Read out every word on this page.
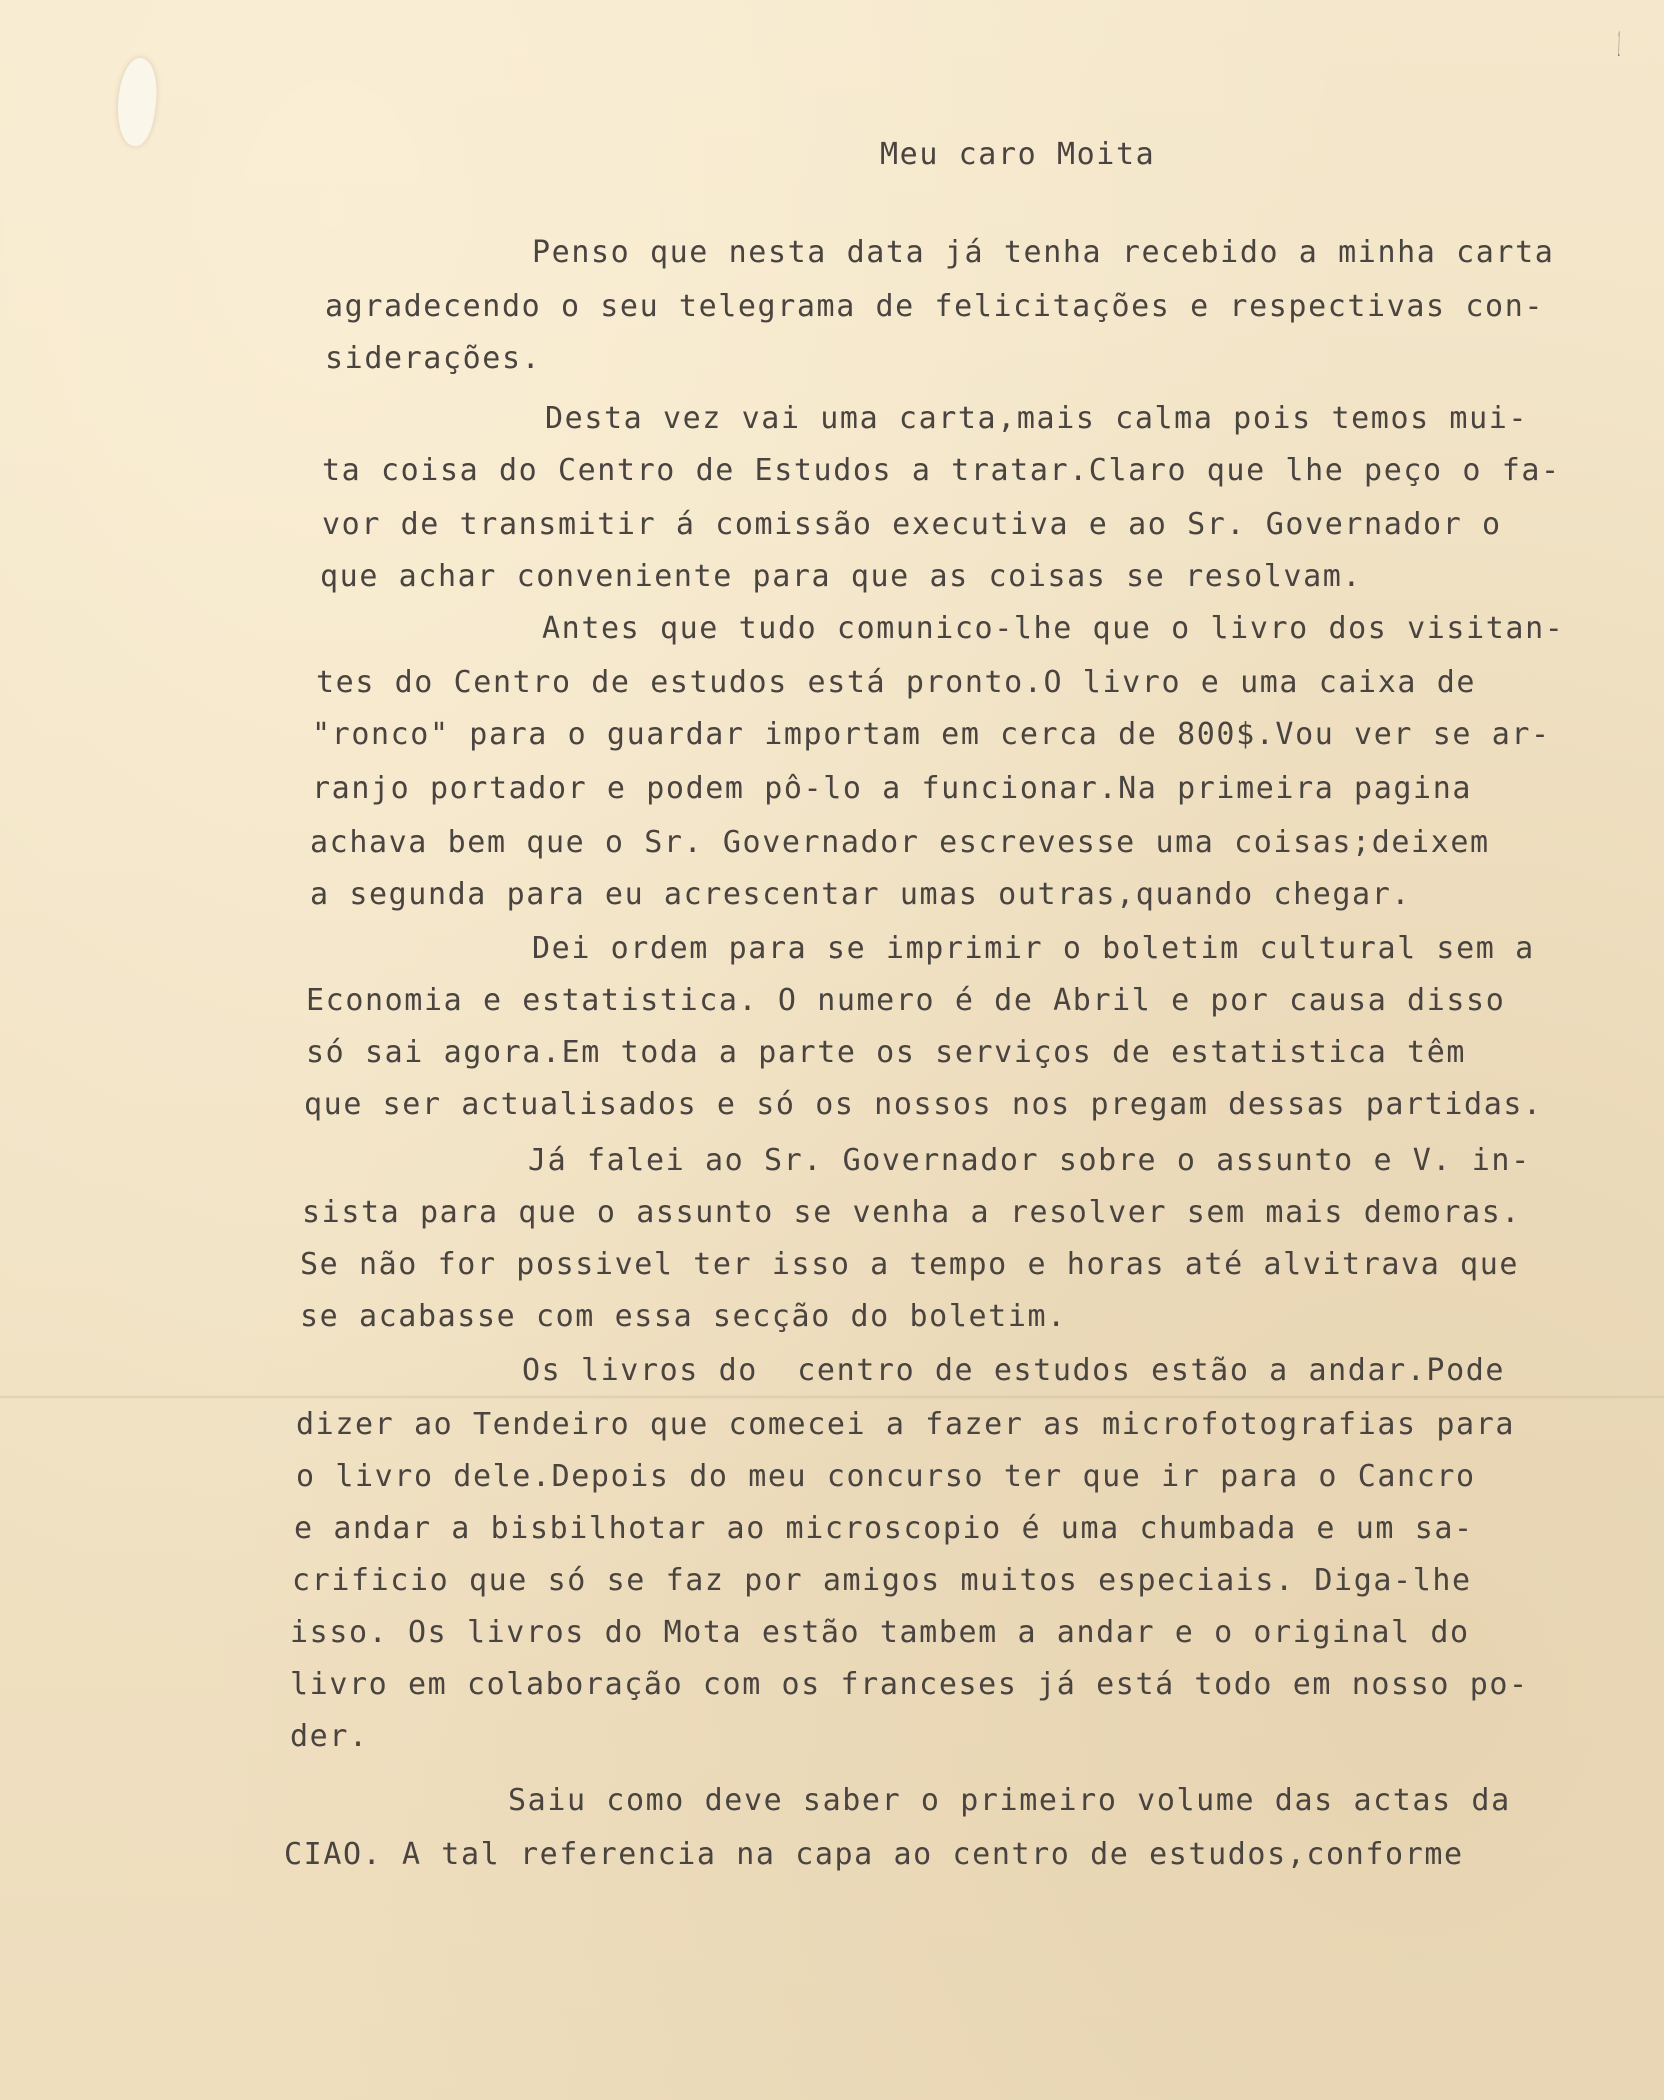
1
Meu caro Moita
Penso que nesta data já tenha recebido a minha carta
agradecendo o seu telegrama de felicitações e respectivas con-
siderações.
Desta vez vai uma carta,mais calma pois temos mui-
ta coisa do Centro de Estudos a tratar.Claro que lhe peço o fa-
vor de transmitir á comissão executiva e ao Sr. Governador o
que achar conveniente para que as coisas se resolvam.
Antes que tudo comunico-lhe que o livro dos visitan-
tes do Centro de estudos está pronto.O livro e uma caixa de
"ronco" para o guardar importam em cerca de 800$.Vou ver se ar-
ranjo portador e podem pô-lo a funcionar.Na primeira pagina
achava bem que o Sr. Governador escrevesse uma coisas;deixem
a segunda para eu acrescentar umas outras,quando chegar.
Dei ordem para se imprimir o boletim cultural sem a
Economia e estatistica. O numero é de Abril e por causa disso
só sai agora.Em toda a parte os serviços de estatistica têm
que ser actualisados e só os nossos nos pregam dessas partidas.
Já falei ao Sr. Governador sobre o assunto e V. in-
sista para que o assunto se venha a resolver sem mais demoras.
Se não for possivel ter isso a tempo e horas até alvitrava que
se acabasse com essa secção do boletim.
Os livros do  centro de estudos estão a andar.Pode
dizer ao Tendeiro que comecei a fazer as microfotografias para
o livro dele.Depois do meu concurso ter que ir para o Cancro
e andar a bisbilhotar ao microscopio é uma chumbada e um sa-
crificio que só se faz por amigos muitos especiais. Diga-lhe
isso. Os livros do Mota estão tambem a andar e o original do
livro em colaboração com os franceses já está todo em nosso po-
der.
Saiu como deve saber o primeiro volume das actas da
CIAO. A tal referencia na capa ao centro de estudos,conforme
